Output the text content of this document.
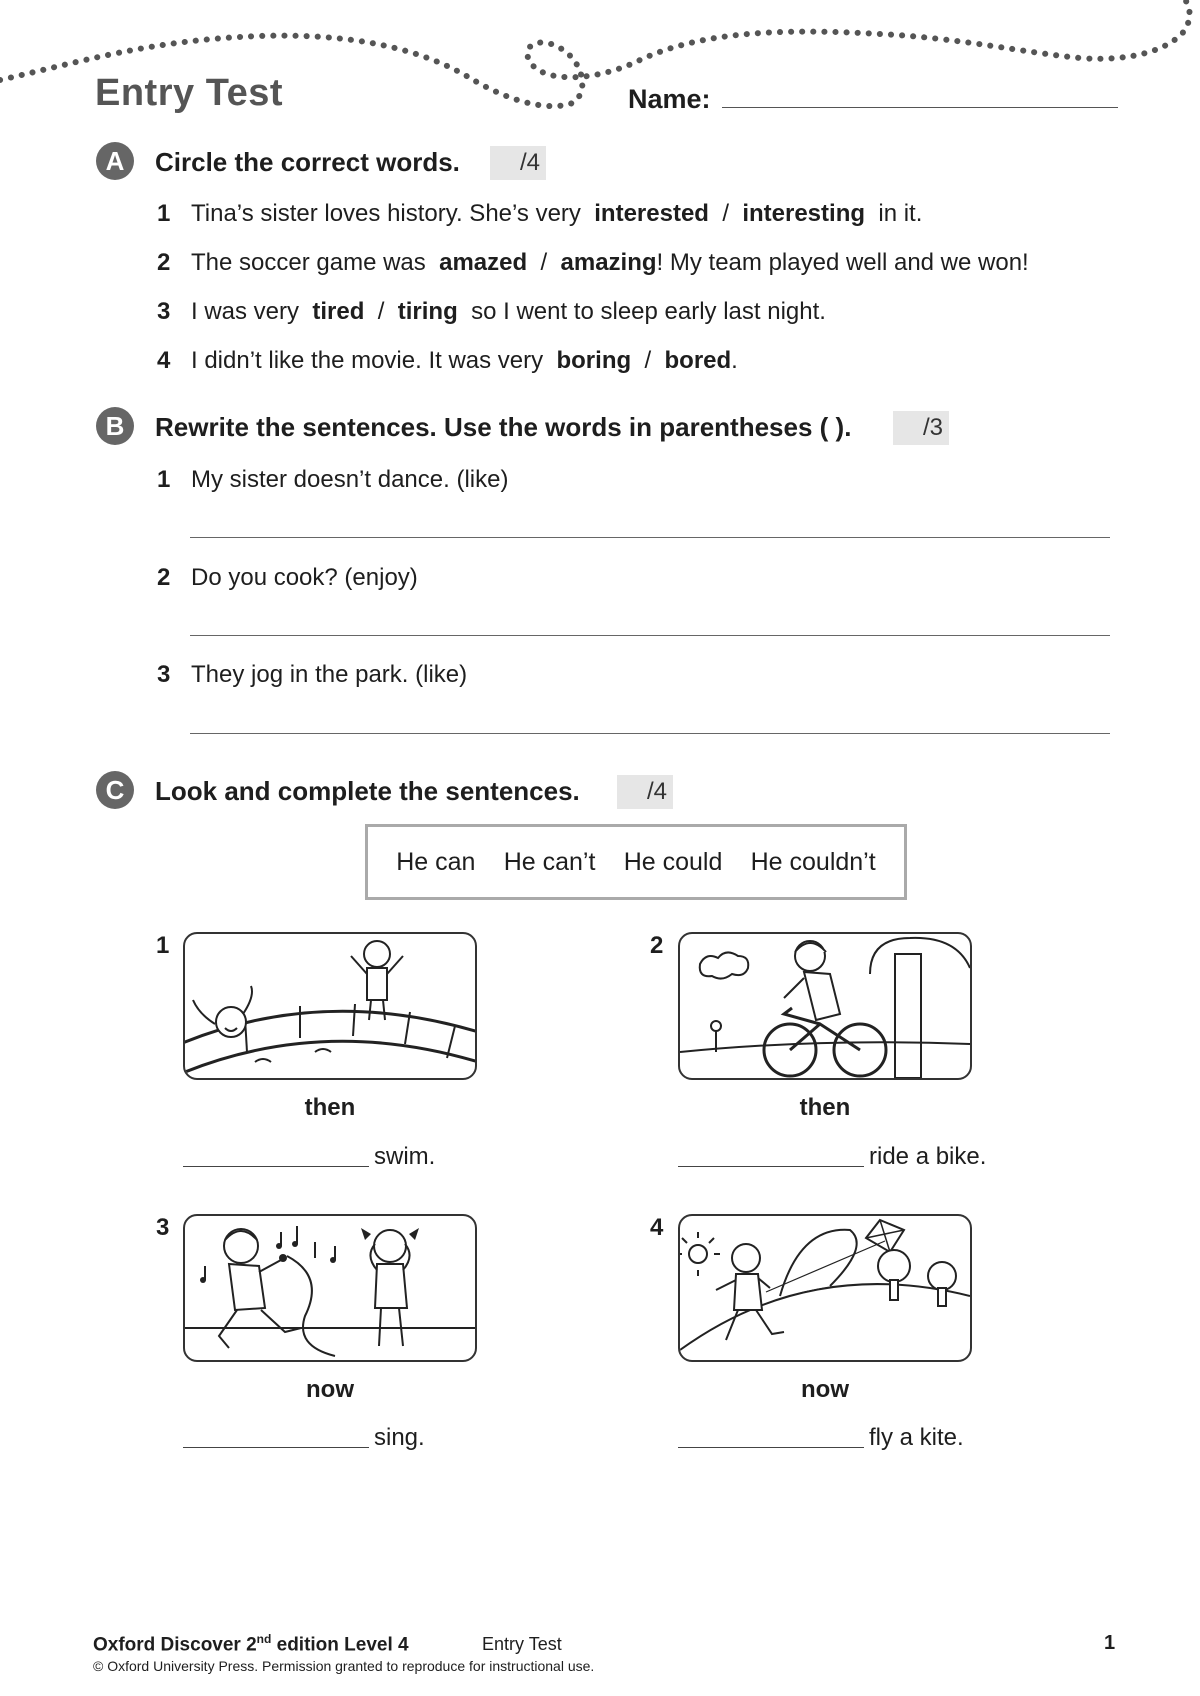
Entry Test	Name:
A	Circle the correct words.	/4
1 Tina’s sister loves history. She’s very interested / interesting in it.
2 The soccer game was amazed / amazing! My team played well and we won!
3 I was very tired / tiring so I went to sleep early last night.
4 I didn’t like the movie. It was very boring / bored.
B	Rewrite the sentences. Use the words in parentheses ( ).	/3
1 My sister doesn’t dance. (like)
2 Do you cook? (enjoy)
3 They jog in the park. (like)
C	Look and complete the sentences.	/4
He can He can’t He could He couldn’t
1
then
swim.
2
then
ride a bike.
3
now
sing.
4
now
fly a kite.
Oxford Discover 2nd edition Level 4	Entry Test
© Oxford University Press. Permission granted to reproduce for instructional use.
1
